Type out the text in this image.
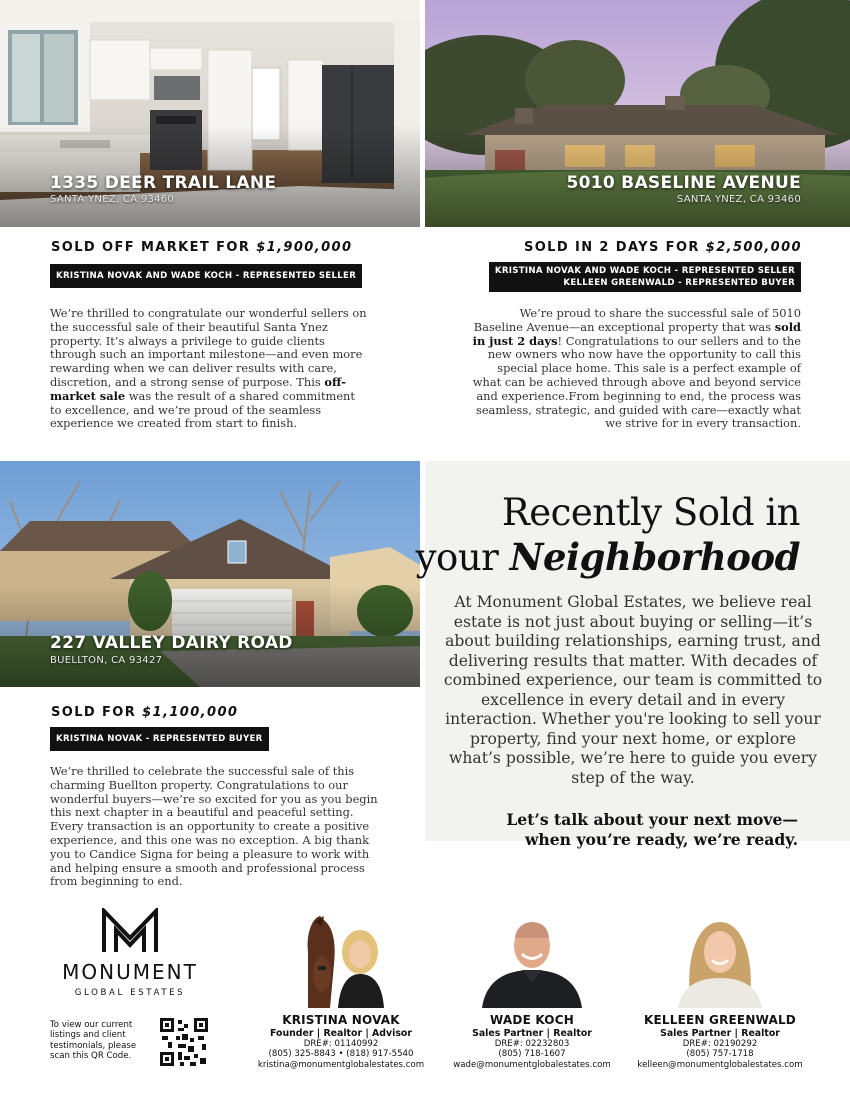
1335 DEER TRAIL LANE
SANTA YNEZ, CA 93460
5010 BASELINE AVENUE
SANTA YNEZ, CA 93460
SOLD OFF MARKET FOR $1,900,000
KRISTINA NOVAK AND WADE KOCH - REPRESENTED SELLER

We’re thrilled to congratulate our wonderful sellers on the successful sale of their beautiful Santa Ynez property. It’s always a privilege to guide clients through such an important milestone—and even more rewarding when we can deliver results with care, discretion, and a strong sense of purpose. This off-market sale was the result of a shared commitment to excellence, and we’re proud of the seamless experience we created from start to finish.

SOLD IN 2 DAYS FOR $2,500,000
KRISTINA NOVAK AND WADE KOCH - REPRESENTED SELLER
KELLEEN GREENWALD - REPRESENTED BUYER

We’re proud to share the successful sale of 5010 Baseline Avenue—an exceptional property that was sold in just 2 days! Congratulations to our sellers and to the new owners who now have the opportunity to call this special place home. This sale is a perfect example of what can be achieved through above and beyond service and experience.From beginning to end, the process was seamless, strategic, and guided with care—exactly what we strive for in every transaction.

227 VALLEY DAIRY ROAD
BUELLTON, CA 93427
SOLD FOR $1,100,000
KRISTINA NOVAK - REPRESENTED BUYER

We’re thrilled to celebrate the successful sale of this charming Buellton property. Congratulations to our wonderful buyers—we’re so excited for you as you begin this next chapter in a beautiful and peaceful setting. Every transaction is an opportunity to create a positive experience, and this one was no exception. A big thank you to Candice Signa for being a pleasure to work with and helping ensure a smooth and professional process from beginning to end.

Recently Sold in
your Neighborhood
At Monument Global Estates, we believe real estate is not just about buying or selling—it’s about building relationships, earning trust, and delivering results that matter. With decades of combined experience, our team is committed to excellence in every detail and in every interaction. Whether you're looking to sell your property, find your next home, or explore what’s possible, we’re here to guide you every step of the way.
Let’s talk about your next move—
when you’re ready, we’re ready.
MONUMENT
GLOBAL ESTATES
To view our current listings and client testimonials, please scan this QR Code.
KRISTINA NOVAK
Founder | Realtor | Advisor
DRE#: 01140992
(805) 325-8843 • (818) 917-5540
kristina@monumentglobalestates.com
WADE KOCH
Sales Partner | Realtor
DRE#: 02232803
(805) 718-1607
wade@monumentglobalestates.com
KELLEEN GREENWALD
Sales Partner | Realtor
DRE#: 02190292
(805) 757-1718
kelleen@monumentglobalestates.com
